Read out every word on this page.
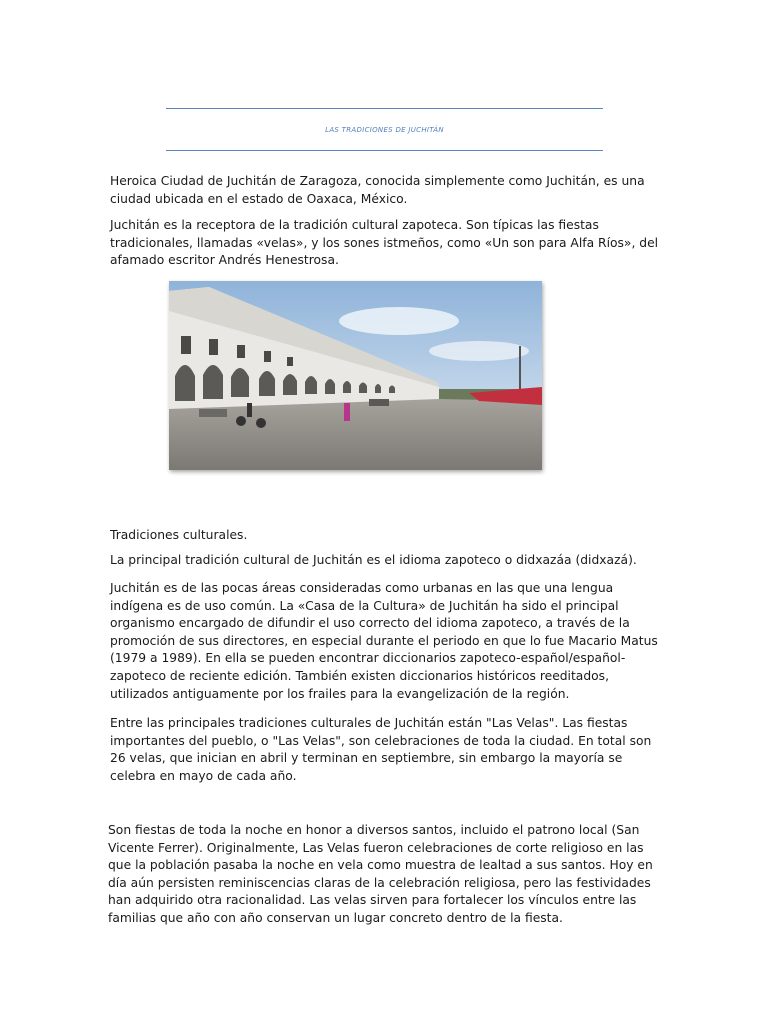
LAS TRADICIONES DE JUCHITÁN

Heroica Ciudad de Juchitán de Zaragoza, conocida simplemente como Juchitán, es una ciudad ubicada en el estado de Oaxaca, México.

Juchitán es la receptora de la tradición cultural zapoteca. Son típicas las fiestas tradicionales, llamadas «velas», y los sones istmeños, como «Un son para Alfa Ríos», del afamado escritor Andrés Henestrosa.

Tradiciones culturales.

La principal tradición cultural de Juchitán es el idioma zapoteco o didxazáa (didxazá).

Juchitán es de las pocas áreas consideradas como urbanas en las que una lengua indígena es de uso común. La «Casa de la Cultura» de Juchitán ha sido el principal organismo encargado de difundir el uso correcto del idioma zapoteco, a través de la promoción de sus directores, en especial durante el periodo en que lo fue Macario Matus (1979 a 1989). En ella se pueden encontrar diccionarios zapoteco-español/español-zapoteco de reciente edición. También existen diccionarios históricos reeditados, utilizados antiguamente por los frailes para la evangelización de la región.

Entre las principales tradiciones culturales de Juchitán están "Las Velas". Las fiestas importantes del pueblo, o "Las Velas", son celebraciones de toda la ciudad. En total son 26 velas, que inician en abril y terminan en septiembre, sin embargo la mayoría se celebra en mayo de cada año.

Son fiestas de toda la noche en honor a diversos santos, incluido el patrono local (San Vicente Ferrer). Originalmente, Las Velas fueron celebraciones de corte religioso en las que la población pasaba la noche en vela como muestra de lealtad a sus santos. Hoy en día aún persisten reminiscencias claras de la celebración religiosa, pero las festividades han adquirido otra racionalidad. Las velas sirven para fortalecer los vínculos entre las familias que año con año conservan un lugar concreto dentro de la fiesta.
